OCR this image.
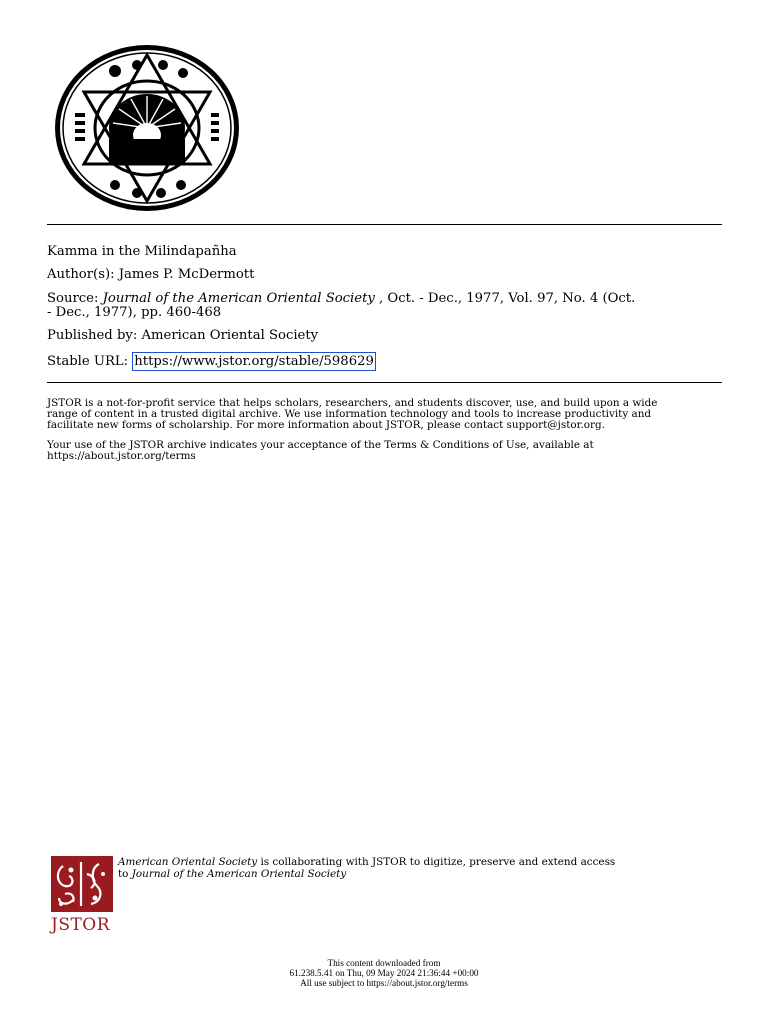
Kamma in the Milindapañha
Author(s): James P. McDermott
Source: Journal of the American Oriental Society , Oct. - Dec., 1977, Vol. 97, No. 4 (Oct.
- Dec., 1977), pp. 460-468
Published by: American Oriental Society
Stable URL: https://www.jstor.org/stable/598629
JSTOR is a not-for-profit service that helps scholars, researchers, and students discover, use, and build upon a wide
range of content in a trusted digital archive. We use information technology and tools to increase productivity and
facilitate new forms of scholarship. For more information about JSTOR, please contact support@jstor.org.
Your use of the JSTOR archive indicates your acceptance of the Terms & Conditions of Use, available at
https://about.jstor.org/terms
JSTOR
American Oriental Society is collaborating with JSTOR to digitize, preserve and extend access
to Journal of the American Oriental Society
This content downloaded from
61.238.5.41 on Thu, 09 May 2024 21:36:44 +00:00
All use subject to https://about.jstor.org/terms
